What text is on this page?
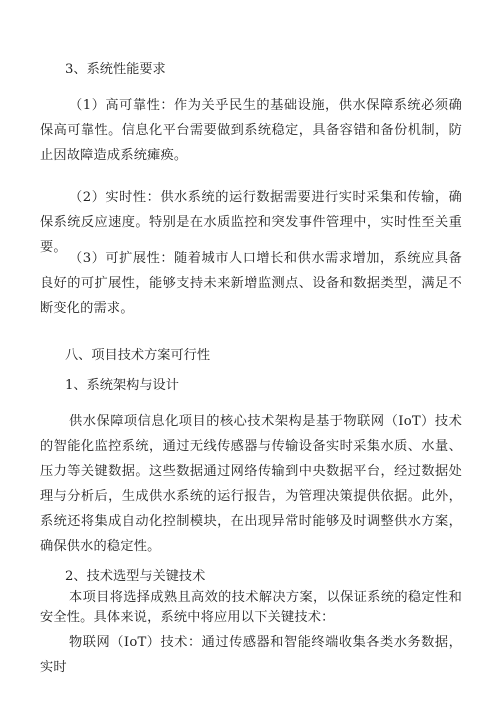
3、系统性能要求

（1）高可靠性：作为关乎民生的基础设施，供水保障系统必须确保高可靠性。信息化平台需要做到系统稳定，具备容错和备份机制，防止因故障造成系统瘫痪。

（2）实时性：供水系统的运行数据需要进行实时采集和传输，确保系统反应速度。特别是在水质监控和突发事件管理中，实时性至关重要。

（3）可扩展性：随着城市人口增长和供水需求增加，系统应具备良好的可扩展性，能够支持未来新增监测点、设备和数据类型，满足不断变化的需求。

八、项目技术方案可行性

1、系统架构与设计

供水保障项信息化项目的核心技术架构是基于物联网（IoT）技术的智能化监控系统，通过无线传感器与传输设备实时采集水质、水量、压力等关键数据。这些数据通过网络传输到中央数据平台，经过数据处理与分析后，生成供水系统的运行报告，为管理决策提供依据。此外，系统还将集成自动化控制模块，在出现异常时能够及时调整供水方案，确保供水的稳定性。

2、技术选型与关键技术

本项目将选择成熟且高效的技术解决方案，以保证系统的稳定性和安全性。具体来说，系统中将应用以下关键技术：

物联网（IoT）技术：通过传感器和智能终端收集各类水务数据，实时
